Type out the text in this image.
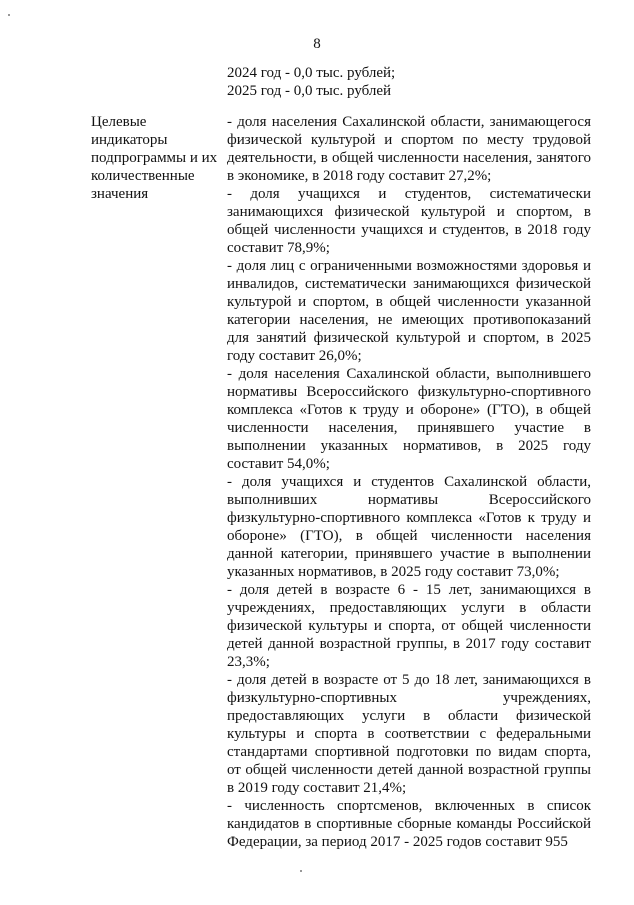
8
2024 год - 0,0 тыс. рублей;
2025 год - 0,0 тыс. рублей
Целевые
индикаторы
подпрограммы и их
количественные
значения
- доля населения Сахалинской области, занимающегося физической культурой и спортом по месту трудовой деятельности, в общей численности населения, занятого в экономике, в 2018 году составит 27,2%;
- доля учащихся и студентов, систематически занимающихся физической культурой и спортом, в общей численности учащихся и студентов, в 2018 году составит 78,9%;
- доля лиц с ограниченными возможностями здоровья и инвалидов, систематически занимающихся физической культурой и спортом, в общей численности указанной категории населения, не имеющих противопоказаний для занятий физической культурой и спортом, в 2025 году составит 26,0%;
- доля населения Сахалинской области, выполнившего нормативы Всероссийского физкультурно-спортивного комплекса «Готов к труду и обороне» (ГТО), в общей численности населения, принявшего участие в выполнении указанных нормативов, в 2025 году составит 54,0%;
- доля учащихся и студентов Сахалинской области, выполнивших нормативы Всероссийского физкультурно-спортивного комплекса «Готов к труду и обороне» (ГТО), в общей численности населения данной категории, принявшего участие в выполнении указанных нормативов, в 2025 году составит 73,0%;
- доля детей в возрасте 6 - 15 лет, занимающихся в учреждениях, предоставляющих услуги в области физической культуры и спорта, от общей численности детей данной возрастной группы, в 2017 году составит 23,3%;
- доля детей в возрасте от 5 до 18 лет, занимающихся в физкультурно-спортивных учреждениях, предоставляющих услуги в области физической культуры и спорта в соответствии с федеральными стандартами спортивной подготовки по видам спорта, от общей численности детей данной возрастной группы в 2019 году составит 21,4%;
- численность спортсменов, включенных в список кандидатов в спортивные сборные команды Российской Федерации, за период 2017 - 2025 годов составит 955
